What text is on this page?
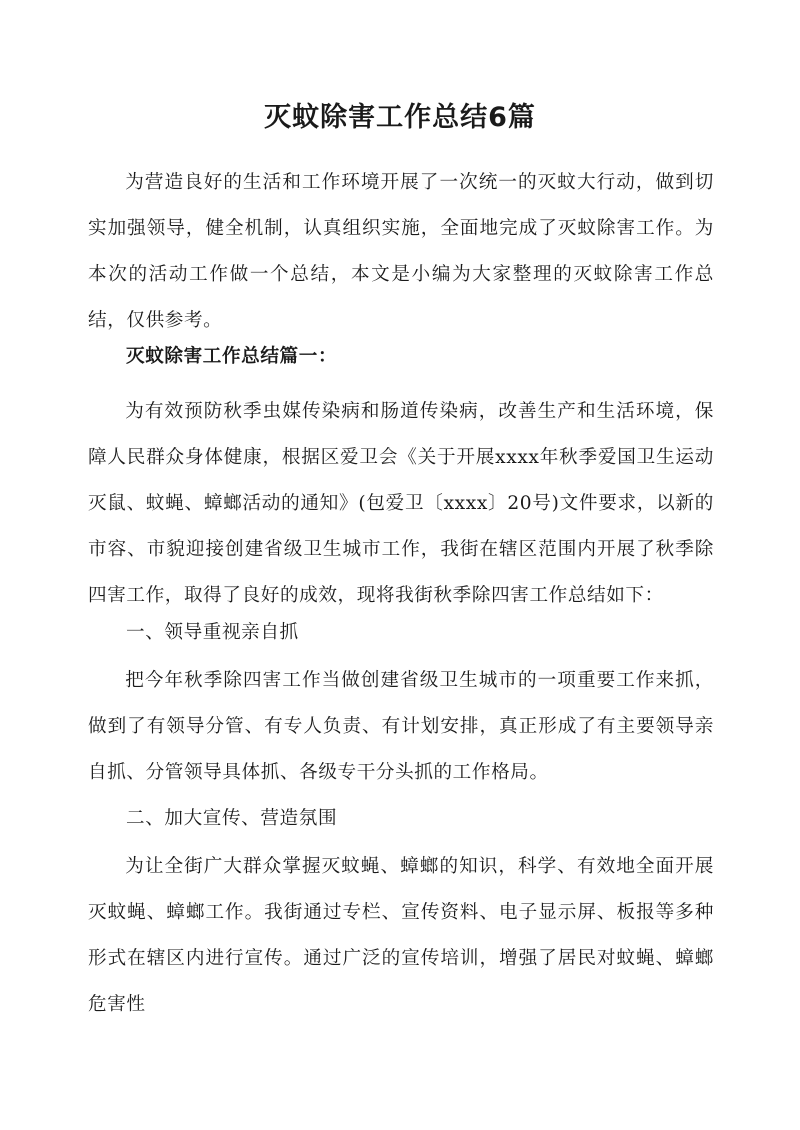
灭蚊除害工作总结6篇

为营造良好的生活和工作环境开展了一次统一的灭蚊大行动，做到切实加强领导，健全机制，认真组织实施，全面地完成了灭蚊除害工作。为本次的活动工作做一个总结，本文是小编为大家整理的灭蚊除害工作总结，仅供参考。

灭蚊除害工作总结篇一：

为有效预防秋季虫媒传染病和肠道传染病，改善生产和生活环境，保障人民群众身体健康，根据区爱卫会《关于开展xxxx年秋季爱国卫生运动灭鼠、蚊蝇、蟑螂活动的通知》(包爱卫〔xxxx〕20号)文件要求，以新的市容、市貌迎接创建省级卫生城市工作，我街在辖区范围内开展了秋季除四害工作，取得了良好的成效，现将我街秋季除四害工作总结如下：

一、领导重视亲自抓

把今年秋季除四害工作当做创建省级卫生城市的一项重要工作来抓，做到了有领导分管、有专人负责、有计划安排，真正形成了有主要领导亲自抓、分管领导具体抓、各级专干分头抓的工作格局。

二、加大宣传、营造氛围

为让全街广大群众掌握灭蚊蝇、蟑螂的知识，科学、有效地全面开展灭蚊蝇、蟑螂工作。我街通过专栏、宣传资料、电子显示屏、板报等多种形式在辖区内进行宣传。通过广泛的宣传培训，增强了居民对蚊蝇、蟑螂危害性
